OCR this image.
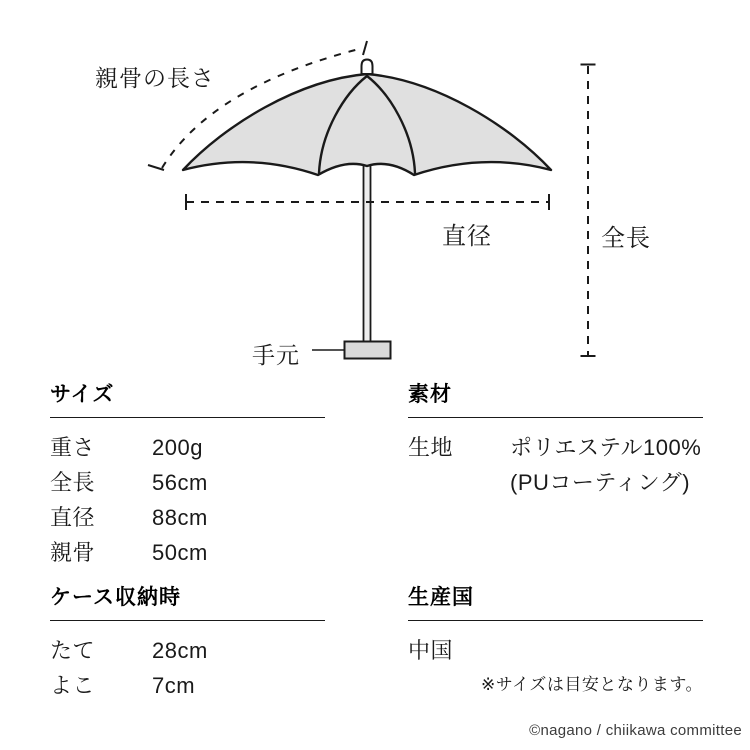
親骨の長さ
直径	全長
手元
サイズ
重さ	200g
全長	56cm
直径	88cm
親骨	50cm
素材
生地	ポリエステル100%
(PUコーティング)
ケース収納時
たて	28cm
よこ	7cm
生産国
中国
※サイズは目安となります。
©nagano / chiikawa committee
